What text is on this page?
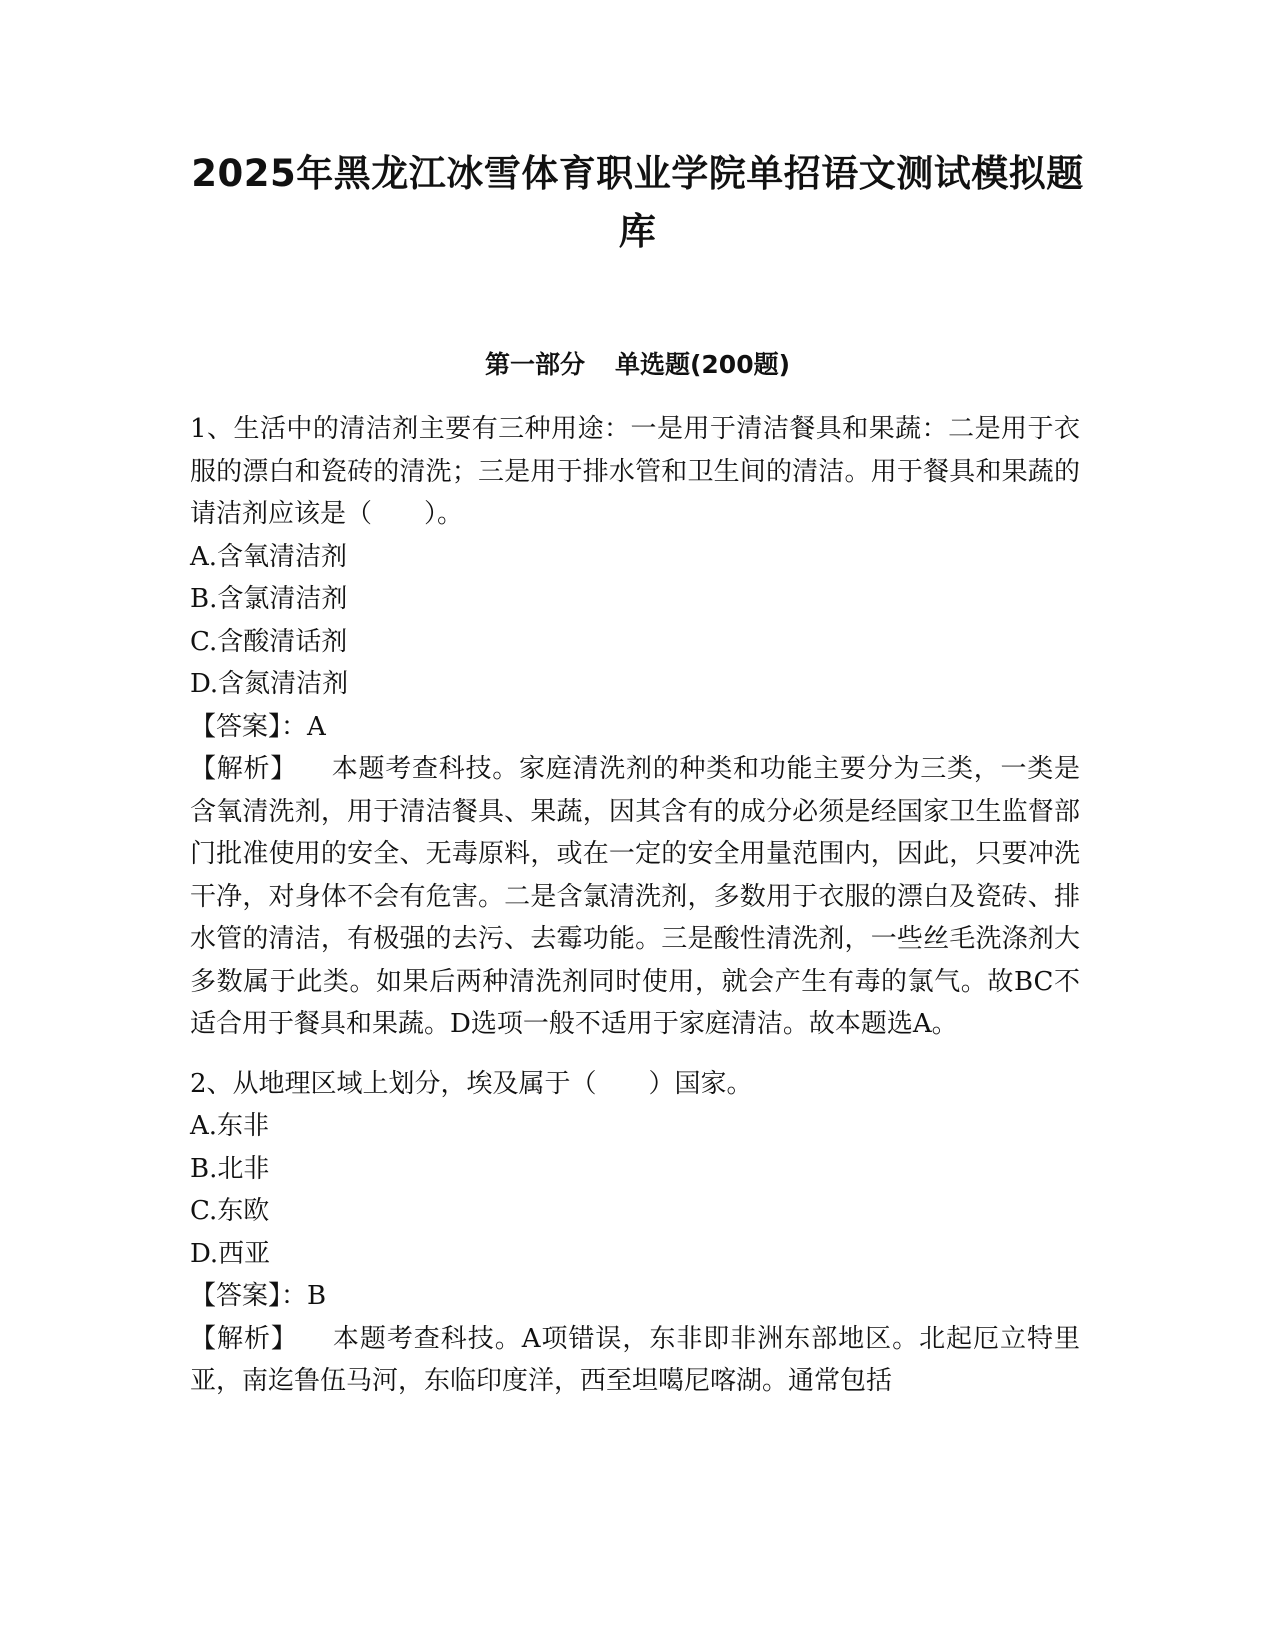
2025年黑龙江冰雪体育职业学院单招语文测试模拟题库
第一部分 单选题(200题)

1、生活中的清洁剂主要有三种用途：一是用于清洁餐具和果蔬：二是用于衣服的漂白和瓷砖的清洗；三是用于排水管和卫生间的清洁。用于餐具和果蔬的请洁剂应该是（　　）。

A.含氧清洁剂

B.含氯清洁剂

C.含酸清话剂

D.含氮清洁剂

【答案】：A

【解析】 本题考查科技。家庭清洗剂的种类和功能主要分为三类，一类是含氧清洗剂，用于清洁餐具、果蔬，因其含有的成分必须是经国家卫生监督部门批准使用的安全、无毒原料，或在一定的安全用量范围内，因此，只要冲洗干净，对身体不会有危害。二是含氯清洗剂，多数用于衣服的漂白及瓷砖、排水管的清洁，有极强的去污、去霉功能。三是酸性清洗剂，一些丝毛洗涤剂大多数属于此类。如果后两种清洗剂同时使用，就会产生有毒的氯气。故BC不适合用于餐具和果蔬。D选项一般不适用于家庭清洁。故本题选A。

2、从地理区域上划分，埃及属于（　　）国家。

A.东非

B.北非

C.东欧

D.西亚

【答案】：B

【解析】 本题考查科技。A项错误，东非即非洲东部地区。北起厄立特里亚，南迄鲁伍马河，东临印度洋，西至坦噶尼喀湖。通常包括
